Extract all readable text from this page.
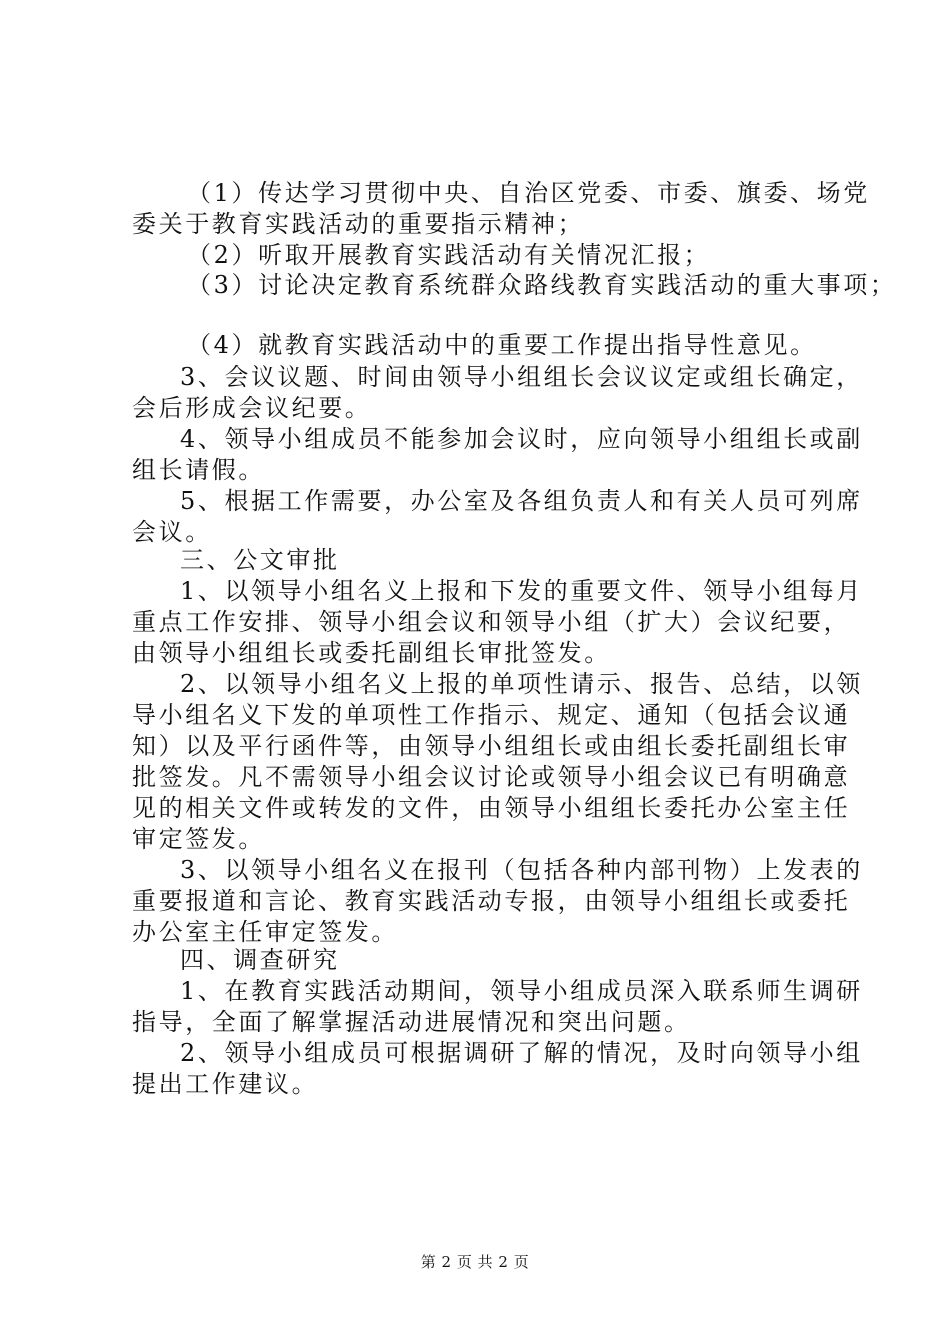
（1）传达学习贯彻中央、自治区党委、市委、旗委、场党
委关于教育实践活动的重要指示精神；
（2）听取开展教育实践活动有关情况汇报；
（3）讨论决定教育系统群众路线教育实践活动的重大事项；
（4）就教育实践活动中的重要工作提出指导性意见。
3、会议议题、时间由领导小组组长会议议定或组长确定，
会后形成会议纪要。
4、领导小组成员不能参加会议时，应向领导小组组长或副
组长请假。
5、根据工作需要，办公室及各组负责人和有关人员可列席
会议。
三、公文审批
1、以领导小组名义上报和下发的重要文件、领导小组每月
重点工作安排、领导小组会议和领导小组（扩大）会议纪要，
由领导小组组长或委托副组长审批签发。
2、以领导小组名义上报的单项性请示、报告、总结，以领
导小组名义下发的单项性工作指示、规定、通知（包括会议通
知）以及平行函件等，由领导小组组长或由组长委托副组长审
批签发。凡不需领导小组会议讨论或领导小组会议已有明确意
见的相关文件或转发的文件，由领导小组组长委托办公室主任
审定签发。
3、以领导小组名义在报刊（包括各种内部刊物）上发表的
重要报道和言论、教育实践活动专报，由领导小组组长或委托
办公室主任审定签发。
四、调查研究
1、在教育实践活动期间，领导小组成员深入联系师生调研
指导，全面了解掌握活动进展情况和突出问题。
2、领导小组成员可根据调研了解的情况，及时向领导小组
提出工作建议。
第 2 页 共 2 页
